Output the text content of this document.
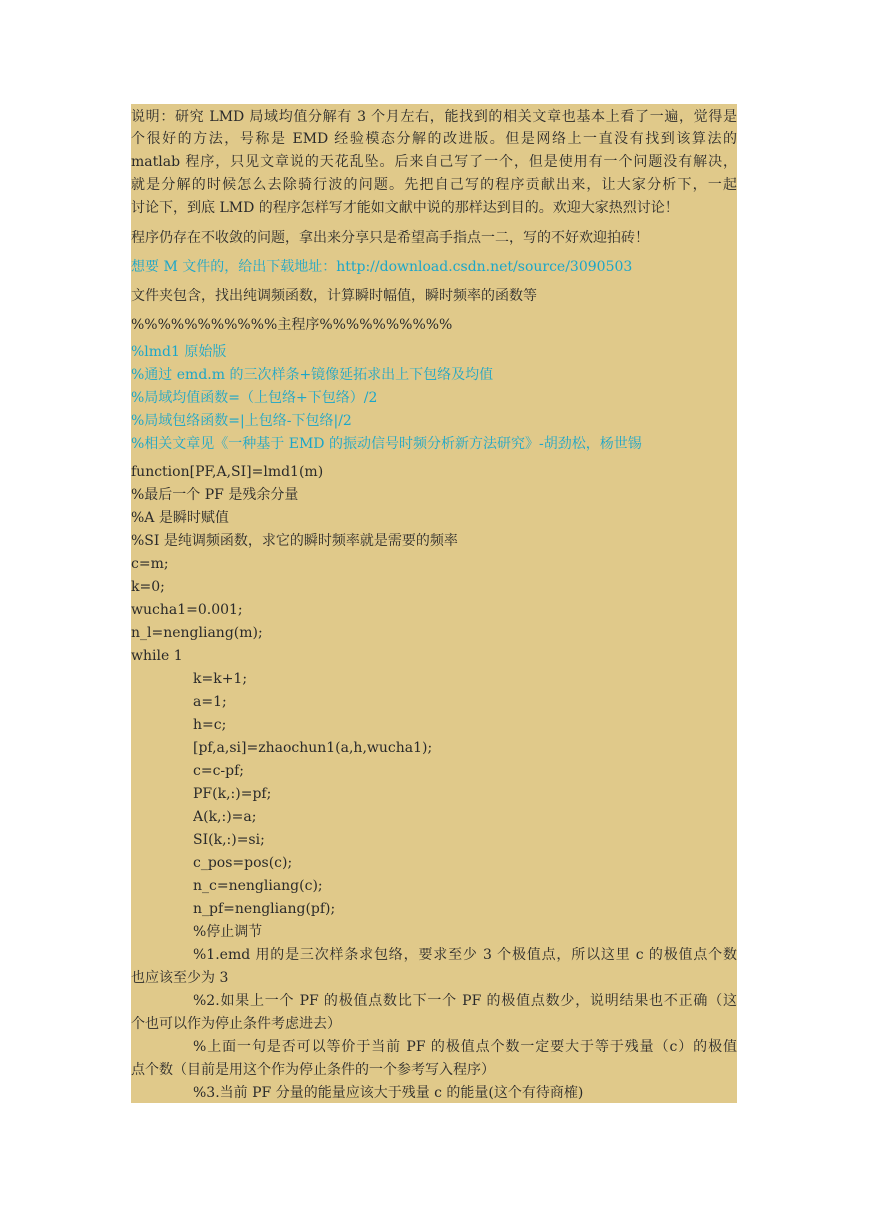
说明：研究 LMD 局域均值分解有 3 个月左右，能找到的相关文章也基本上看了一遍，觉得是
个很好的方法，号称是 EMD 经验模态分解的改进版。但是网络上一直没有找到该算法的
matlab 程序，只见文章说的天花乱坠。后来自己写了一个，但是使用有一个问题没有解决，
就是分解的时候怎么去除骑行波的问题。先把自己写的程序贡献出来，让大家分析下，一起
讨论下，到底 LMD 的程序怎样写才能如文献中说的那样达到目的。欢迎大家热烈讨论！
程序仍存在不收敛的问题，拿出来分享只是希望高手指点一二，写的不好欢迎拍砖！
想要 M 文件的，给出下载地址：http://download.csdn.net/source/3090503
文件夹包含，找出纯调频函数，计算瞬时幅值，瞬时频率的函数等
%%%%%%%%%%%主程序%%%%%%%%%%
%lmd1 原始版
%通过 emd.m 的三次样条+镜像延拓求出上下包络及均值
%局域均值函数=（上包络+下包络）/2
%局域包络函数=|上包络-下包络|/2
%相关文章见《一种基于 EMD 的振动信号时频分析新方法研究》-胡劲松，杨世锡
function[PF,A,SI]=lmd1(m)
%最后一个 PF 是残余分量
%A 是瞬时赋值
%SI 是纯调频函数，求它的瞬时频率就是需要的频率
c=m;
k=0;
wucha1=0.001;
n_l=nengliang(m);
while 1
k=k+1;
a=1;
h=c;
[pf,a,si]=zhaochun1(a,h,wucha1);
c=c-pf;
PF(k,:)=pf;
A(k,:)=a;
SI(k,:)=si;
c_pos=pos(c);
n_c=nengliang(c);
n_pf=nengliang(pf);
%停止调节
%1.emd 用的是三次样条求包络，要求至少 3 个极值点，所以这里 c 的极值点个数
也应该至少为 3
%2.如果上一个 PF 的极值点数比下一个 PF 的极值点数少，说明结果也不正确（这
个也可以作为停止条件考虑进去）
%上面一句是否可以等价于当前 PF 的极值点个数一定要大于等于残量（c）的极值
点个数（目前是用这个作为停止条件的一个参考写入程序）
%3.当前 PF 分量的能量应该大于残量 c 的能量(这个有待商榷)
